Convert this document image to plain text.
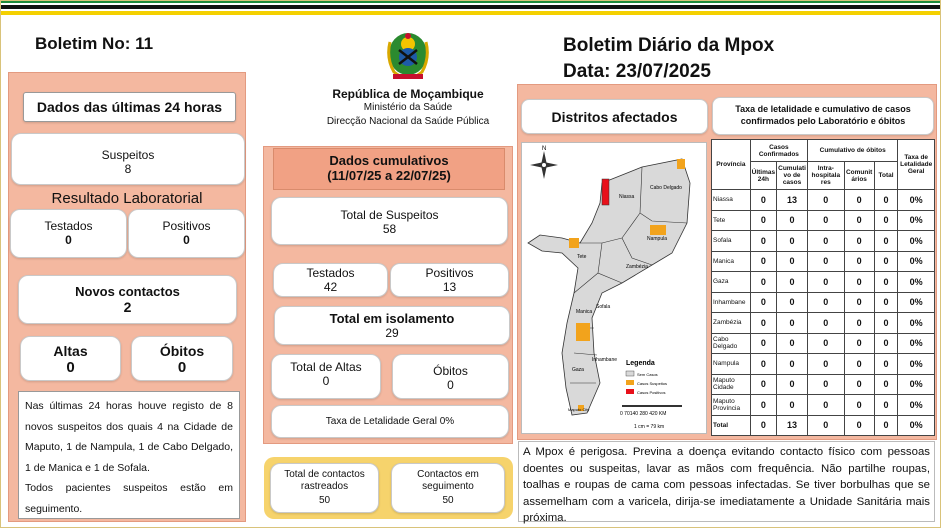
Boletim No: 11
República de Moçambique
Ministério da Saúde
Direcção Nacional da Saúde Pública
Boletim Diário da Mpox
Data: 23/07/2025
Dados das últimas 24 horas
Suspeitos
8
Resultado Laboratorial
Testados
0
Positivos
0
Novos contactos
2
Altas
0
Óbitos
0
Nas últimas 24 horas houve registo de 8 novos suspeitos dos quais 4 na Cidade de Maputo, 1 de Nampula, 1 de Cabo Delgado, 1 de Manica e 1 de Sofala.
Todos pacientes suspeitos estão em seguimento.
Dados cumulativos
(11/07/25 a 22/07/25)
Total de Suspeitos
58
Testados
42
Positivos
13
Total em isolamento
29
Total de Altas
0
Óbitos
0
Taxa de Letalidade Geral 0%
Total de contactos rastreados
50
Contactos em seguimento
50
Distritos afectados	Taxa de letalidade e cumulativo de casos confirmados pelo Laboratório e óbitos
N
Cabo Delgado
Niassa
Nampula
Zambézia
Tete
Manica
Sofala
Inhambane
Gaza
Maputo City
Legenda
Sem Casos
Casos Suspeitos
Casos Positivos
0 70140 280 420 KM
1 cm = 79 km
Província	Casos Confirmados		Cumulativo de óbitos			Taxa de Letalidade Geral
	Últimas 24h	Cumulati vo de casos	Intra-hospitala res	Comunit ários	Total	
Niassa	0	13	0	0	0	0%
Tete	0	0	0	0	0	0%
Sofala	0	0	0	0	0	0%
Manica	0	0	0	0	0	0%
Gaza	0	0	0	0	0	0%
Inhambane	0	0	0	0	0	0%
Zambézia	0	0	0	0	0	0%
Cabo Delgado	0	0	0	0	0	0%
Nampula	0	0	0	0	0	0%
Maputo Cidade	0	0	0	0	0	0%
Maputo Província	0	0	0	0	0	0%
Total	0	13	0	0	0	0%
A Mpox é perigosa. Previna a doença evitando contacto físico com pessoas doentes ou suspeitas, lavar as mãos com frequência. Não partilhe roupas, toalhas e roupas de cama com pessoas infectadas. Se tiver borbulhas que se assemelham com a varicela, dirija-se imediatamente a Unidade Sanitária mais próxima.
